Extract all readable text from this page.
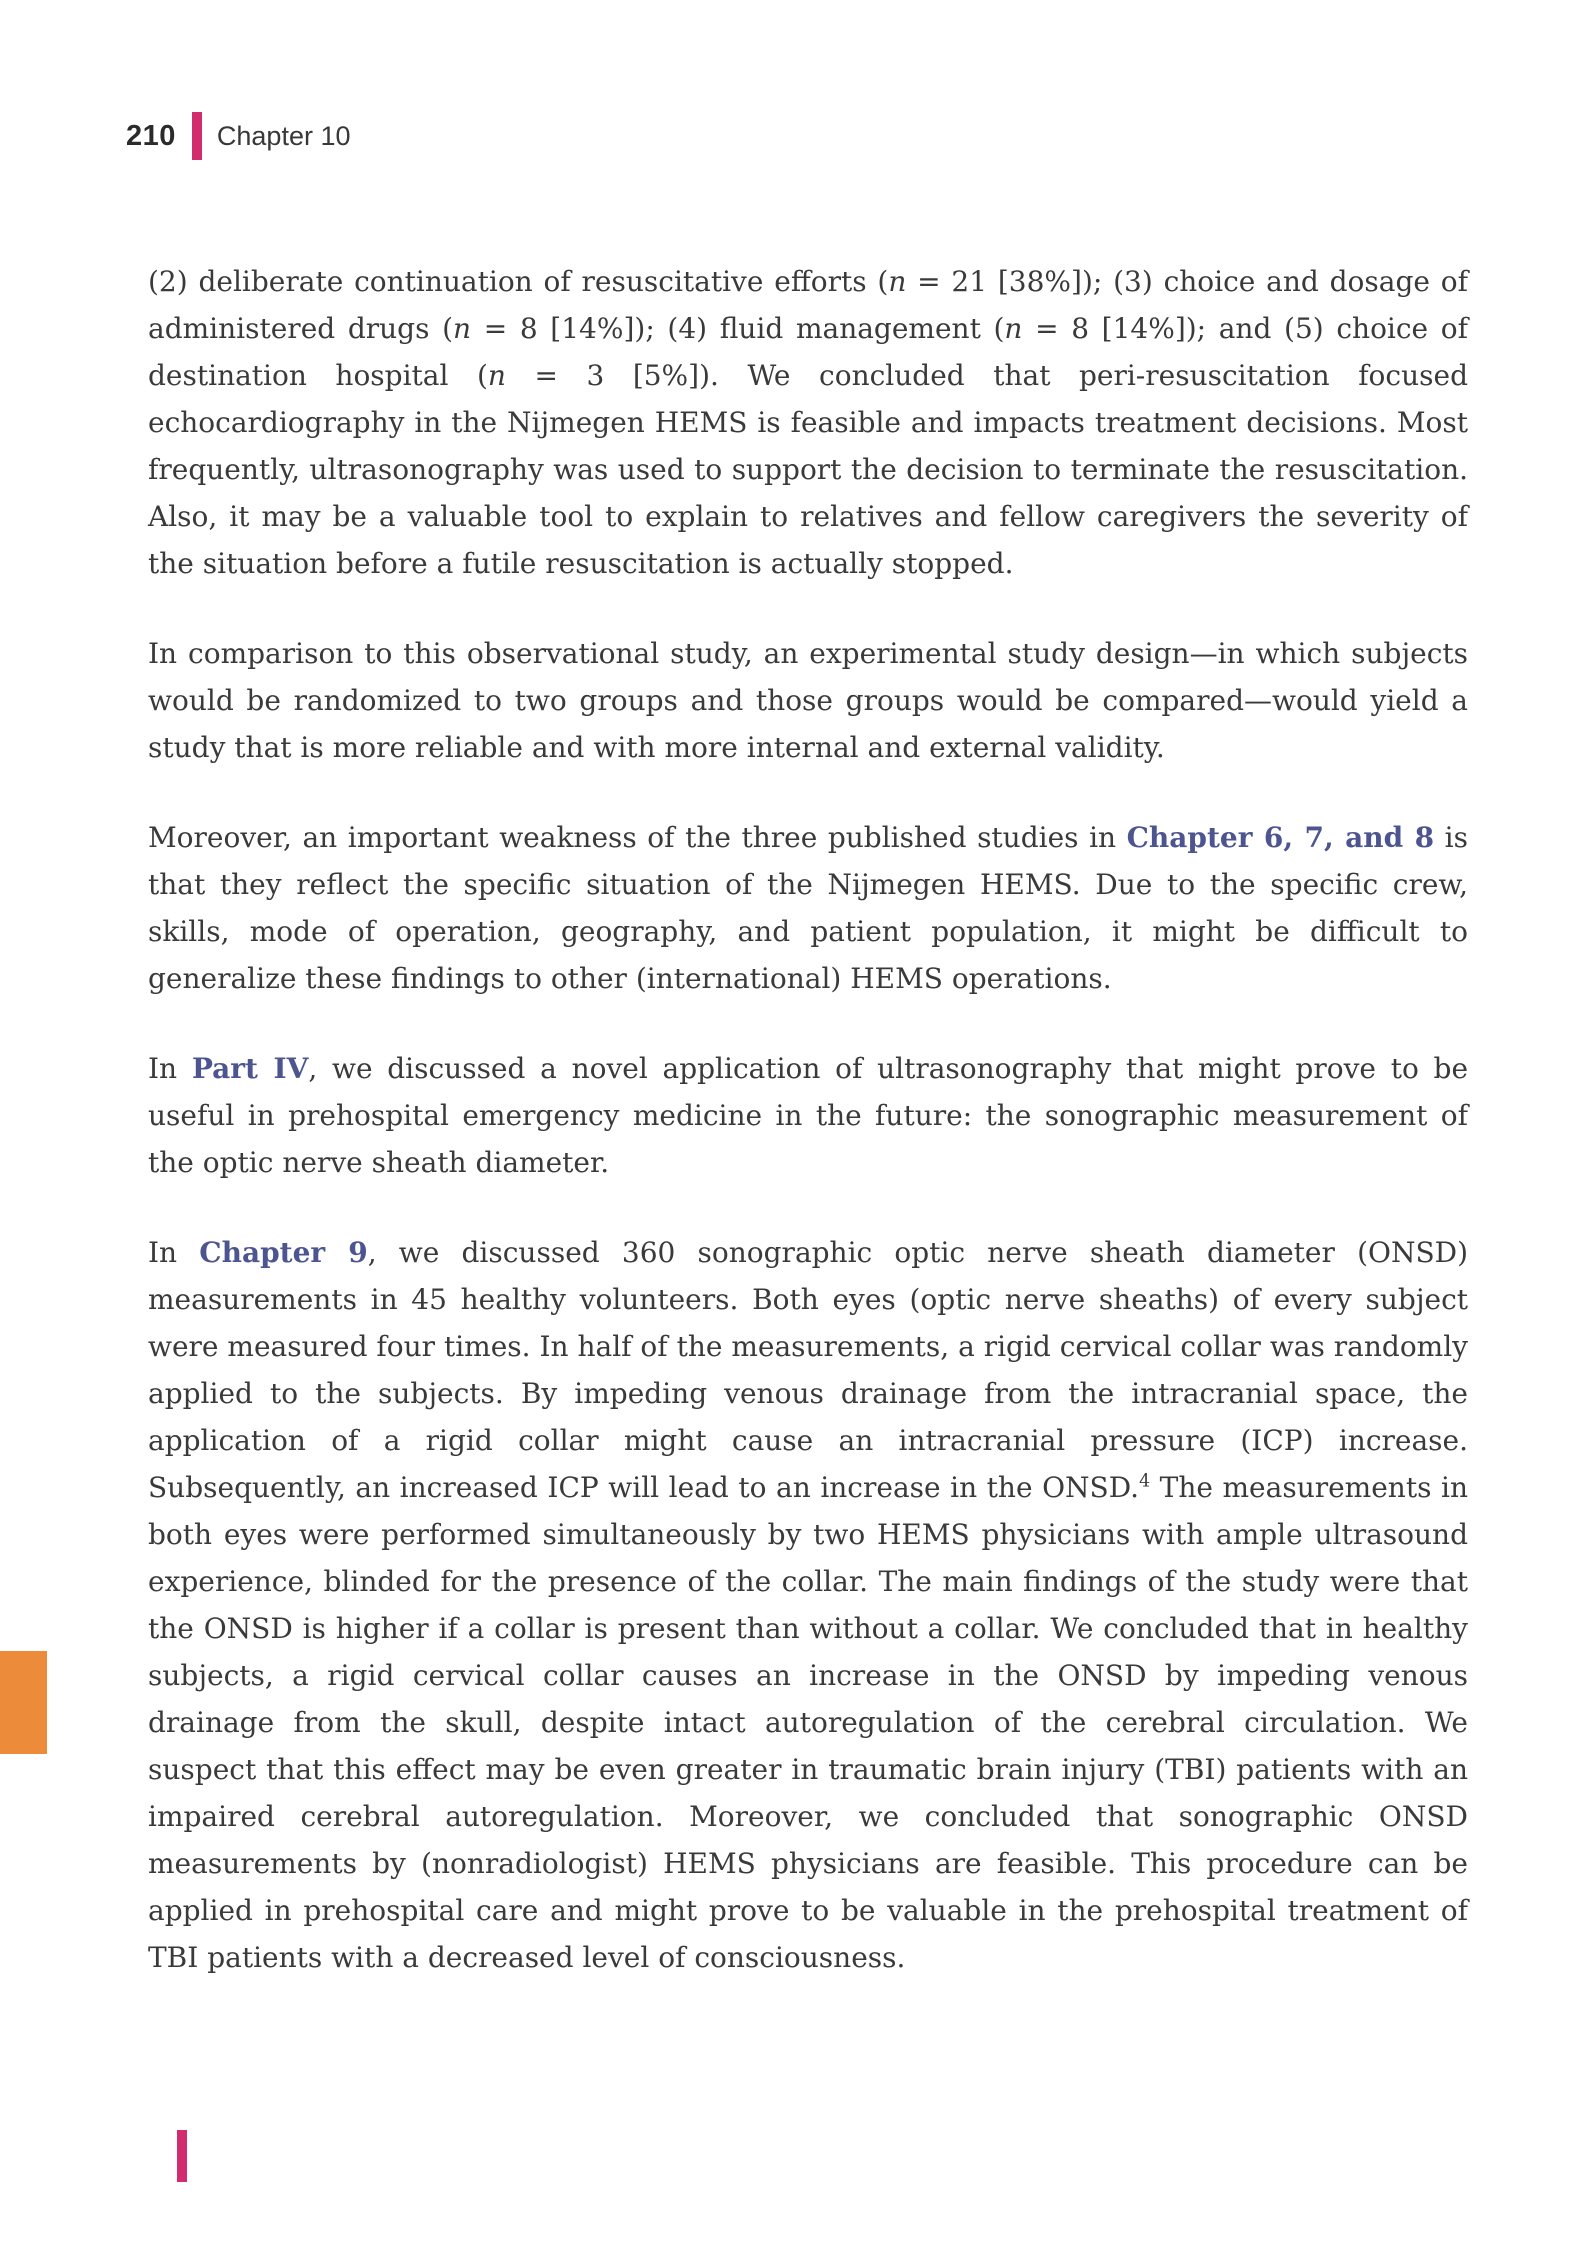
210 Chapter 10

(2) deliberate continuation of resuscitative efforts (n = 21 [38%]); (3) choice and dosage of administered drugs (n = 8 [14%]); (4) fluid management (n = 8 [14%]); and (5) choice of destination hospital (n = 3 [5%]). We concluded that peri-resuscitation focused echocardiography in the Nijmegen HEMS is feasible and impacts treatment decisions. Most frequently, ultrasonography was used to support the decision to terminate the resuscitation. Also, it may be a valuable tool to explain to relatives and fellow caregivers the severity of the situation before a futile resuscitation is actually stopped.

In comparison to this observational study, an experimental study design—in which subjects would be randomized to two groups and those groups would be compared—would yield a study that is more reliable and with more internal and external validity.

Moreover, an important weakness of the three published studies in Chapter 6, 7, and 8 is that they reflect the specific situation of the Nijmegen HEMS. Due to the specific crew, skills, mode of operation, geography, and patient population, it might be difficult to generalize these findings to other (international) HEMS operations.

In Part IV, we discussed a novel application of ultrasonography that might prove to be useful in prehospital emergency medicine in the future: the sonographic measurement of the optic nerve sheath diameter.

In Chapter 9, we discussed 360 sonographic optic nerve sheath diameter (ONSD) measurements in 45 healthy volunteers. Both eyes (optic nerve sheaths) of every subject were measured four times. In half of the measurements, a rigid cervical collar was randomly applied to the subjects. By impeding venous drainage from the intracranial space, the application of a rigid collar might cause an intracranial pressure (ICP) increase. Subsequently, an increased ICP will lead to an increase in the ONSD.$^4$ The measurements in both eyes were performed simultaneously by two HEMS physicians with ample ultrasound experience, blinded for the presence of the collar. The main findings of the study were that the ONSD is higher if a collar is present than without a collar. We concluded that in healthy subjects, a rigid cervical collar causes an increase in the ONSD by impeding venous drainage from the skull, despite intact autoregulation of the cerebral circulation. We suspect that this effect may be even greater in traumatic brain injury (TBI) patients with an impaired cerebral autoregulation. Moreover, we concluded that sonographic ONSD measurements by (nonradiologist) HEMS physicians are feasible. This procedure can be applied in prehospital care and might prove to be valuable in the prehospital treatment of TBI patients with a decreased level of consciousness.
